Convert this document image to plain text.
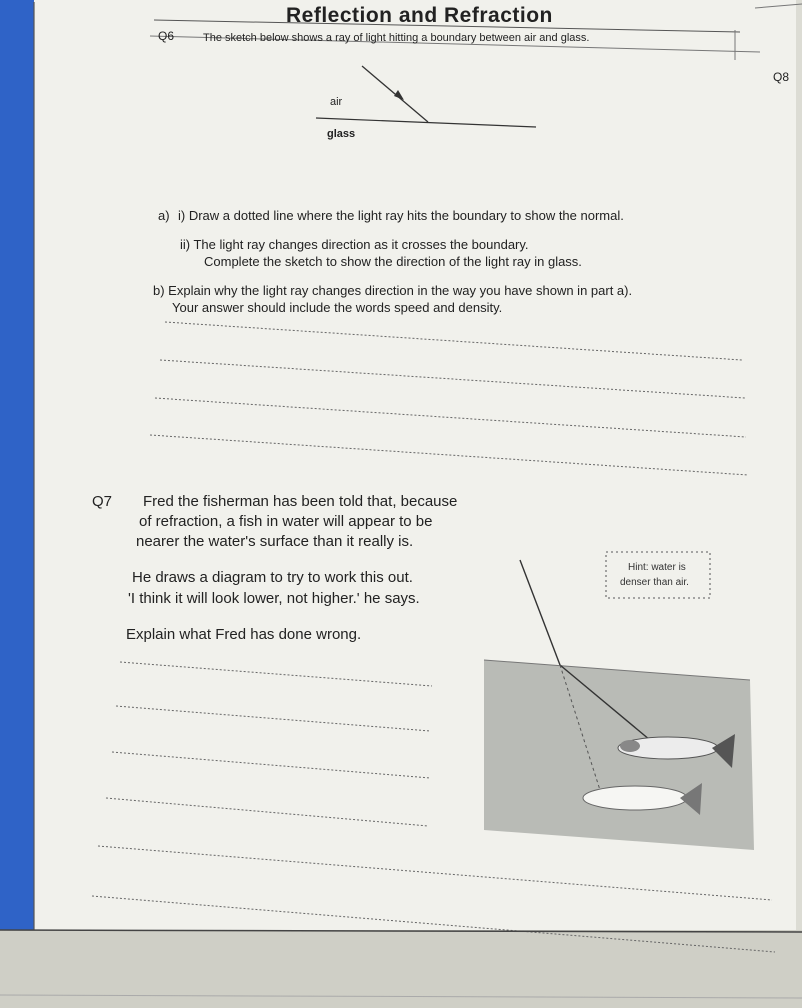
Reflection and Refraction
Q6	The sketch below shows a ray of light hitting a boundary between air and glass.
Q8
air
glass
a) i) Draw a dotted line where the light ray hits the boundary to show the normal.
ii) The light ray changes direction as it crosses the boundary.
Complete the sketch to show the direction of the light ray in glass.
b) Explain why the light ray changes direction in the way you have shown in part a).
Your answer should include the words speed and density.
Q7 Fred the fisherman has been told that, because
of refraction, a fish in water will appear to be
nearer the water's surface than it really is.
He draws a diagram to try to work this out.
'I think it will look lower, not higher.' he says.
Explain what Fred has done wrong.
Hint: water is
denser than air.
